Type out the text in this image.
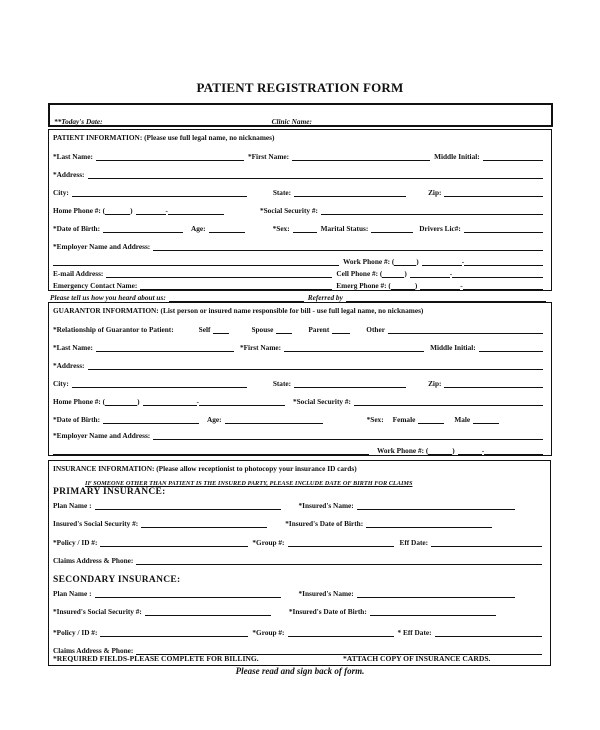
PATIENT REGISTRATION FORM
**Today's Date:	Clinic Name:
PATIENT INFORMATION: (Please use full legal name, no nicknames)
*Last Name:	*First Name:	Middle Initial:
*Address:
City:	State:	Zip:
Home Phone #: (	)	-	*Social Security #:
*Date of Birth:	Age:	*Sex:	Marital Status:	Drivers Lic#:
*Employer Name and Address:
Work Phone #: (	)	-
E-mail Address:	Cell Phone #: (	)	-
Emergency Contact Name:	Emerg Phone #: (	)	-
Please tell us how you heard about us:	Referred by
GUARANTOR INFORMATION: (List person or insured name responsible for bill - use full legal name, no nicknames)
*Relationship of Guarantor to Patient:	Self	Spouse	Parent	Other
*Last Name:	*First Name:	Middle Initial:
*Address:
City:	State:	Zip:
Home Phone #: (	)	-	*Social Security #:
*Date of Birth:	Age:	*Sex:	Female	Male
*Employer Name and Address:
Work Phone #: (	)	-
INSURANCE INFORMATION: (Please allow receptionist to photocopy your insurance ID cards)
IF SOMEONE OTHER THAN PATIENT IS THE INSURED PARTY, PLEASE INCLUDE DATE OF BIRTH FOR CLAIMS
PRIMARY INSURANCE:
Plan Name :	*Insured's Name:
Insured's Social Security #:	*Insured's Date of Birth:
*Policy / ID #:	*Group #:	Eff Date:
Claims Address & Phone:
SECONDARY INSURANCE:
Plan Name :	*Insured's Name:
*Insured's Social Security #:	*Insured's Date of Birth:
*Policy / ID #:	*Group #:	* Eff Date:
Claims Address & Phone:
*REQUIRED FIELDS-PLEASE COMPLETE FOR BILLING.	*ATTACH COPY OF INSURANCE CARDS.
Please read and sign back of form.
